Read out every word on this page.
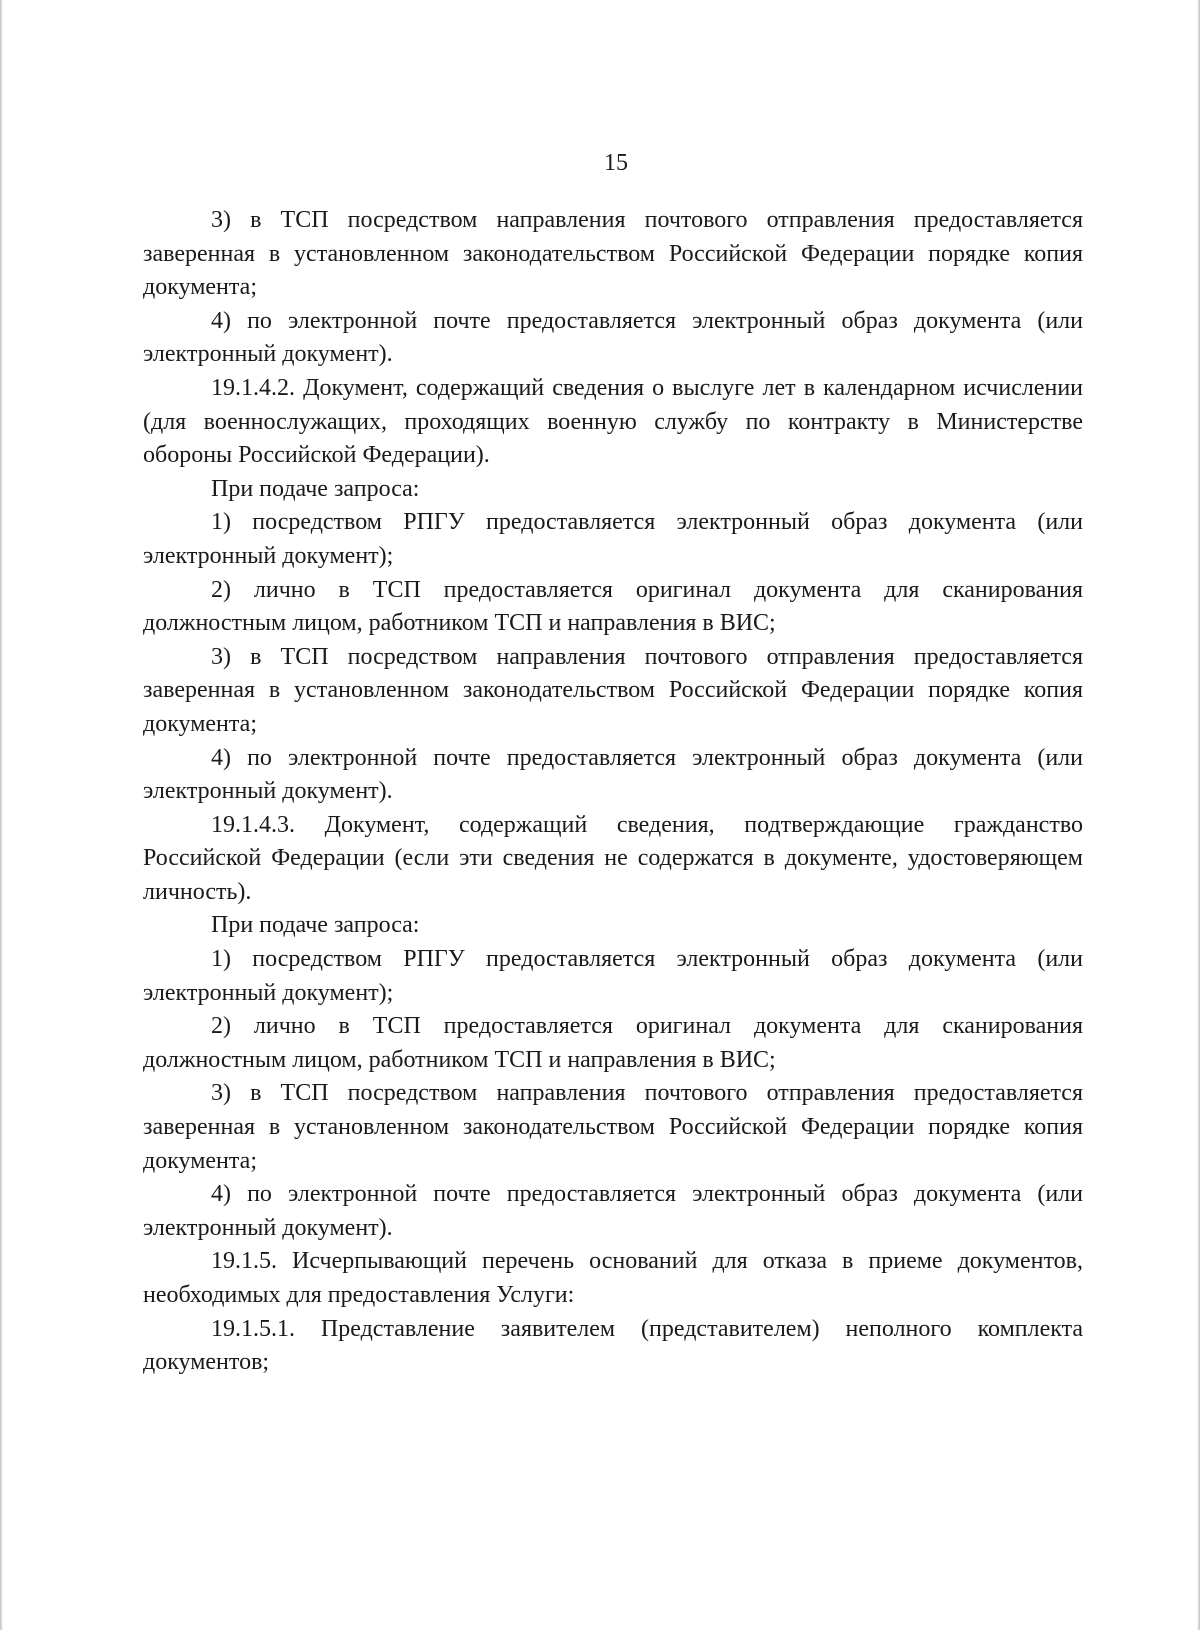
15

3) в ТСП посредством направления почтового отправления предоставляется заверенная в установленном законодательством Российской Федерации порядке копия документа;

4) по электронной почте предоставляется электронный образ документа (или электронный документ).

19.1.4.2. Документ, содержащий сведения о выслуге лет в календарном исчислении (для военнослужащих, проходящих военную службу по контракту в Министерстве обороны Российской Федерации).

При подаче запроса:

1) посредством РПГУ предоставляется электронный образ документа (или электронный документ);

2) лично в ТСП предоставляется оригинал документа для сканирования должностным лицом, работником ТСП и направления в ВИС;

3) в ТСП посредством направления почтового отправления предоставляется заверенная в установленном законодательством Российской Федерации порядке копия документа;

4) по электронной почте предоставляется электронный образ документа (или электронный документ).

19.1.4.3. Документ, содержащий сведения, подтверждающие гражданство Российской Федерации (если эти сведения не содержатся в документе, удостоверяющем личность).

При подаче запроса:

1) посредством РПГУ предоставляется электронный образ документа (или электронный документ);

2) лично в ТСП предоставляется оригинал документа для сканирования должностным лицом, работником ТСП и направления в ВИС;

3) в ТСП посредством направления почтового отправления предоставляется заверенная в установленном законодательством Российской Федерации порядке копия документа;

4) по электронной почте предоставляется электронный образ документа (или электронный документ).

19.1.5. Исчерпывающий перечень оснований для отказа в приеме документов, необходимых для предоставления Услуги:

19.1.5.1. Представление заявителем (представителем) неполного комплекта документов;
